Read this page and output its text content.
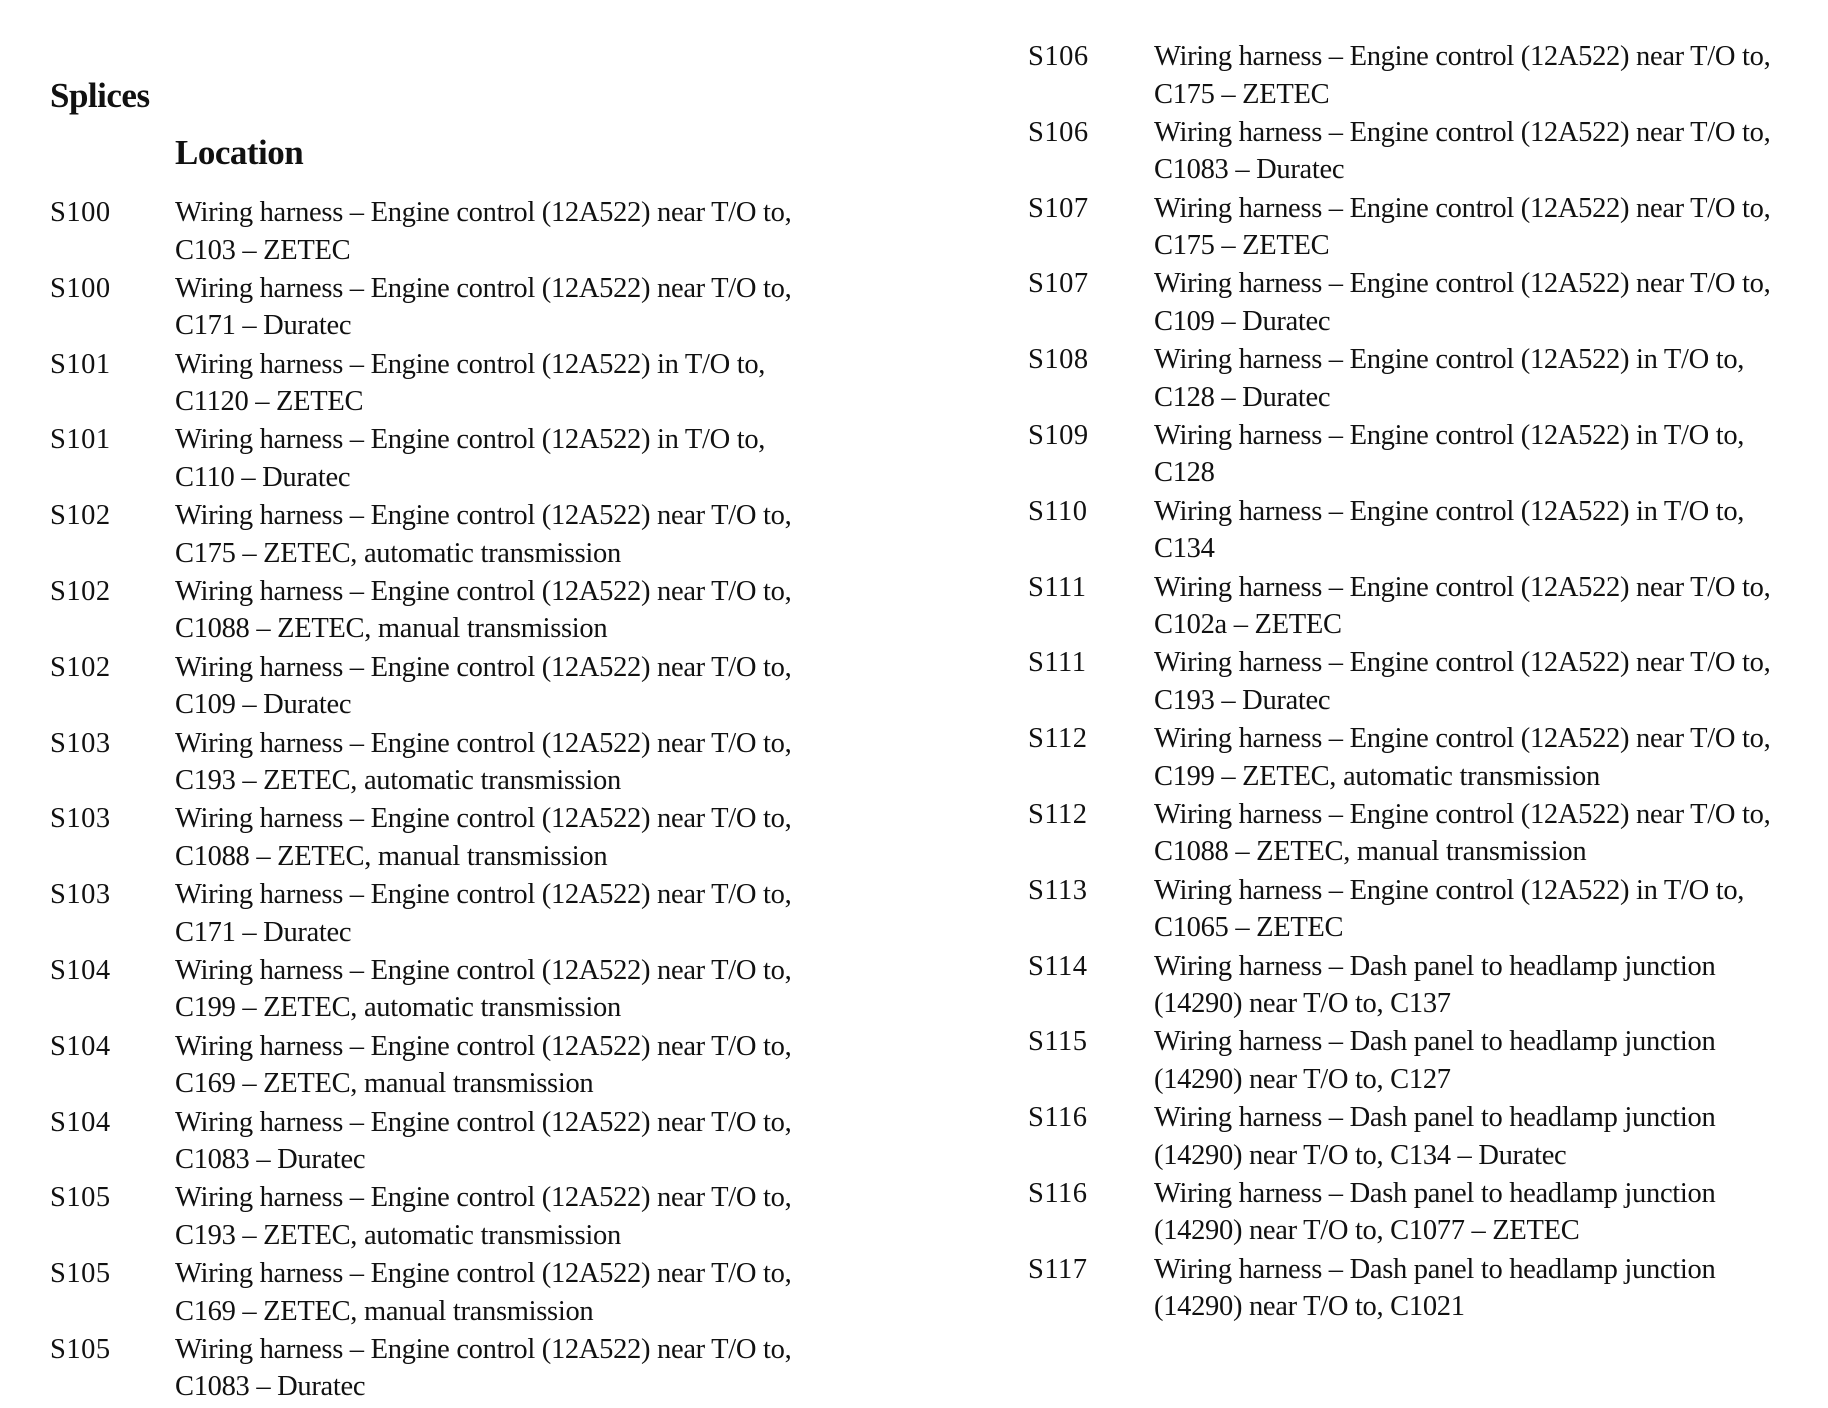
Splices
Location
S100	Wiring harness – Engine control (12A522) near T/O to,
C103 – ZETEC
S100	Wiring harness – Engine control (12A522) near T/O to,
C171 – Duratec
S101	Wiring harness – Engine control (12A522) in T/O to,
C1120 – ZETEC
S101	Wiring harness – Engine control (12A522) in T/O to,
C110 – Duratec
S102	Wiring harness – Engine control (12A522) near T/O to,
C175 – ZETEC, automatic transmission
S102	Wiring harness – Engine control (12A522) near T/O to,
C1088 – ZETEC, manual transmission
S102	Wiring harness – Engine control (12A522) near T/O to,
C109 – Duratec
S103	Wiring harness – Engine control (12A522) near T/O to,
C193 – ZETEC, automatic transmission
S103	Wiring harness – Engine control (12A522) near T/O to,
C1088 – ZETEC, manual transmission
S103	Wiring harness – Engine control (12A522) near T/O to,
C171 – Duratec
S104	Wiring harness – Engine control (12A522) near T/O to,
C199 – ZETEC, automatic transmission
S104	Wiring harness – Engine control (12A522) near T/O to,
C169 – ZETEC, manual transmission
S104	Wiring harness – Engine control (12A522) near T/O to,
C1083 – Duratec
S105	Wiring harness – Engine control (12A522) near T/O to,
C193 – ZETEC, automatic transmission
S105	Wiring harness – Engine control (12A522) near T/O to,
C169 – ZETEC, manual transmission
S105	Wiring harness – Engine control (12A522) near T/O to,
C1083 – Duratec
S106	Wiring harness – Engine control (12A522) near T/O to,
C175 – ZETEC
S106	Wiring harness – Engine control (12A522) near T/O to,
C1083 – Duratec
S107	Wiring harness – Engine control (12A522) near T/O to,
C175 – ZETEC
S107	Wiring harness – Engine control (12A522) near T/O to,
C109 – Duratec
S108	Wiring harness – Engine control (12A522) in T/O to,
C128 – Duratec
S109	Wiring harness – Engine control (12A522) in T/O to,
C128
S110	Wiring harness – Engine control (12A522) in T/O to,
C134
S111	Wiring harness – Engine control (12A522) near T/O to,
C102a – ZETEC
S111	Wiring harness – Engine control (12A522) near T/O to,
C193 – Duratec
S112	Wiring harness – Engine control (12A522) near T/O to,
C199 – ZETEC, automatic transmission
S112	Wiring harness – Engine control (12A522) near T/O to,
C1088 – ZETEC, manual transmission
S113	Wiring harness – Engine control (12A522) in T/O to,
C1065 – ZETEC
S114	Wiring harness – Dash panel to headlamp junction
(14290) near T/O to, C137
S115	Wiring harness – Dash panel to headlamp junction
(14290) near T/O to, C127
S116	Wiring harness – Dash panel to headlamp junction
(14290) near T/O to, C134 – Duratec
S116	Wiring harness – Dash panel to headlamp junction
(14290) near T/O to, C1077 – ZETEC
S117	Wiring harness – Dash panel to headlamp junction
(14290) near T/O to, C1021
